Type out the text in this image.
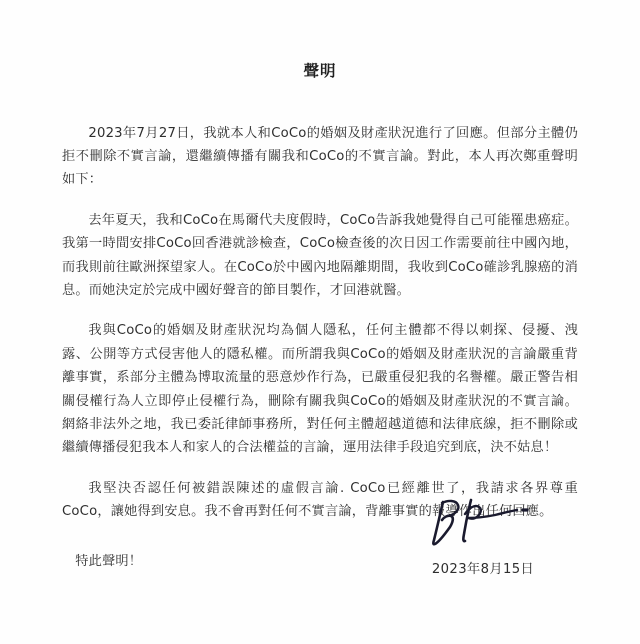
聲明

2023年7月27日，我就本人和CoCo的婚姻及財產狀況進行了回應。但部分主體仍拒不刪除不實言論，還繼續傳播有關我和CoCo的不實言論。對此，本人再次鄭重聲明如下：

去年夏天，我和CoCo在馬爾代夫度假時，CoCo告訴我她覺得自己可能罹患癌症。我第一時間安排CoCo回香港就診檢查，CoCo檢查後的次日因工作需要前往中國內地，而我則前往歐洲探望家人。在CoCo於中國內地隔離期間，我收到CoCo確診乳腺癌的消息。而她決定於完成中國好聲音的節目製作，才回港就醫。

我與CoCo的婚姻及財產狀況均為個人隱私，任何主體都不得以刺探、侵擾、洩露、公開等方式侵害他人的隱私權。而所謂我與CoCo的婚姻及財產狀況的言論嚴重背離事實，系部分主體為博取流量的惡意炒作行為，已嚴重侵犯我的名譽權。嚴正警告相關侵權行為人立即停止侵權行為，刪除有關我與CoCo的婚姻及財產狀況的不實言論。網絡非法外之地，我已委託律師事務所，對任何主體超越道德和法律底線，拒不刪除或繼續傳播侵犯我本人和家人的合法權益的言論，運用法律手段追究到底，決不姑息！

我堅決否認任何被錯誤陳述的虛假言論. CoCo已經離世了，我請求各界尊重CoCo，讓她得到安息。我不會再對任何不實言論，背離事實的報導作出任何回應。

特此聲明！

2023年8月15日
